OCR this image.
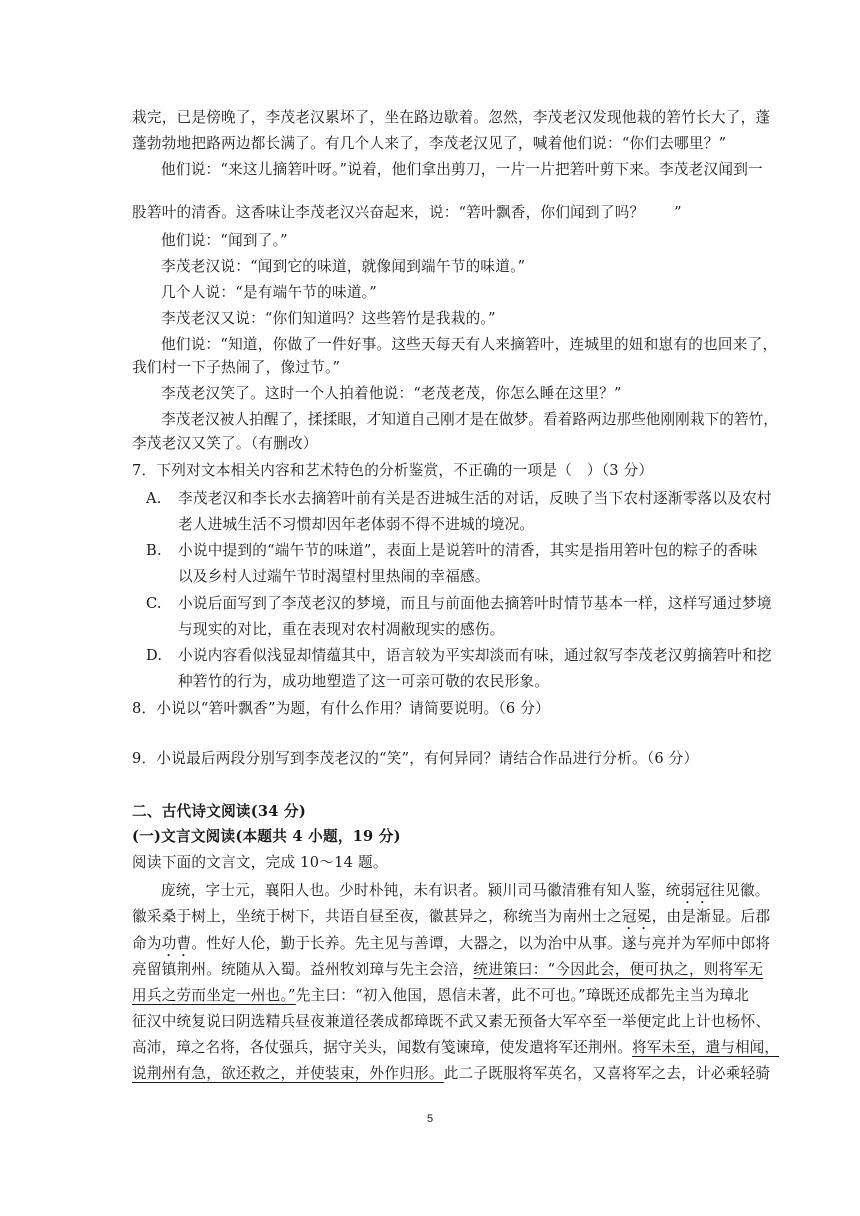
栽完，已是傍晚了，李茂老汉累坏了，坐在路边歇着。忽然，李茂老汉发现他栽的箬竹长大了，蓬
蓬勃勃地把路两边都长满了。有几个人来了，李茂老汉见了，喊着他们说：“你们去哪里？”
他们说：“来这儿摘箬叶呀。”说着，他们拿出剪刀，一片一片把箬叶剪下来。李茂老汉闻到一
股箬叶的清香。这香味让李茂老汉兴奋起来，说：“箬叶飘香，你们闻到了吗？　　”
他们说：“闻到了。”
李茂老汉说：“闻到它的味道，就像闻到端午节的味道。”
几个人说：“是有端午节的味道。”
李茂老汉又说：“你们知道吗？这些箬竹是我栽的。”
他们说：“知道，你做了一件好事。这些天每天有人来摘箬叶，连城里的妞和崽有的也回来了，
我们村一下子热闹了，像过节。”
李茂老汉笑了。这时一个人拍着他说：“老茂老茂，你怎么睡在这里？”
李茂老汉被人拍醒了，揉揉眼，才知道自己刚才是在做梦。看着路两边那些他刚刚栽下的箬竹，
李茂老汉又笑了。（有删改）
7．下列对文本相关内容和艺术特色的分析鉴赏，不正确的一项是（　）（3 分）
A. 李茂老汉和李长水去摘箬叶前有关是否进城生活的对话，反映了当下农村逐渐零落以及农村
老人进城生活不习惯却因年老体弱不得不进城的境况。
B. 小说中提到的“端午节的味道”，表面上是说箬叶的清香，其实是指用箬叶包的粽子的香味
以及乡村人过端午节时渴望村里热闹的幸福感。
C. 小说后面写到了李茂老汉的梦境，而且与前面他去摘箬叶时情节基本一样，这样写通过梦境
与现实的对比，重在表现对农村凋敝现实的感伤。
D. 小说内容看似浅显却情蕴其中，语言较为平实却淡而有味，通过叙写李茂老汉剪摘箬叶和挖
种箬竹的行为，成功地塑造了这一可亲可敬的农民形象。
8．小说以“箬叶飘香”为题，有什么作用？请简要说明。（6 分）
9．小说最后两段分别写到李茂老汉的“笑”，有何异同？请结合作品进行分析。（6 分）
二、古代诗文阅读(34 分)
(一)文言文阅读(本题共 4 小题，19 分)
阅读下面的文言文，完成 10～14 题。
庞统，字士元，襄阳人也。少时朴钝，未有识者。颍川司马徽清雅有知人鉴，统弱冠往见徽。
徽采桑于树上，坐统于树下，共语自昼至夜，徽甚异之，称统当为南州士之冠冕，由是渐显。后郡
命为功曹。性好人伦，勤于长养。先主见与善谭，大器之，以为治中从事。遂与亮并为军师中郎将
亮留镇荆州。统随从入蜀。益州牧刘璋与先主会涪，统进策曰：“今因此会，便可执之，则将军无
用兵之劳而坐定一州也。”先主曰：“初入他国，恩信未著，此不可也。”璋既还成都先主当为璋北
征汉中统复说曰阴选精兵昼夜兼道径袭成都璋既不武又素无预备大军卒至一举便定此上计也杨怀、
高沛，璋之名将，各仗强兵，据守关头，闻数有笺谏璋，使发遣将军还荆州。将军未至，遣与相闻，
说荆州有急，欲还救之，并使装束，外作归形。此二子既服将军英名，又喜将军之去，计必乘轻骑
5
